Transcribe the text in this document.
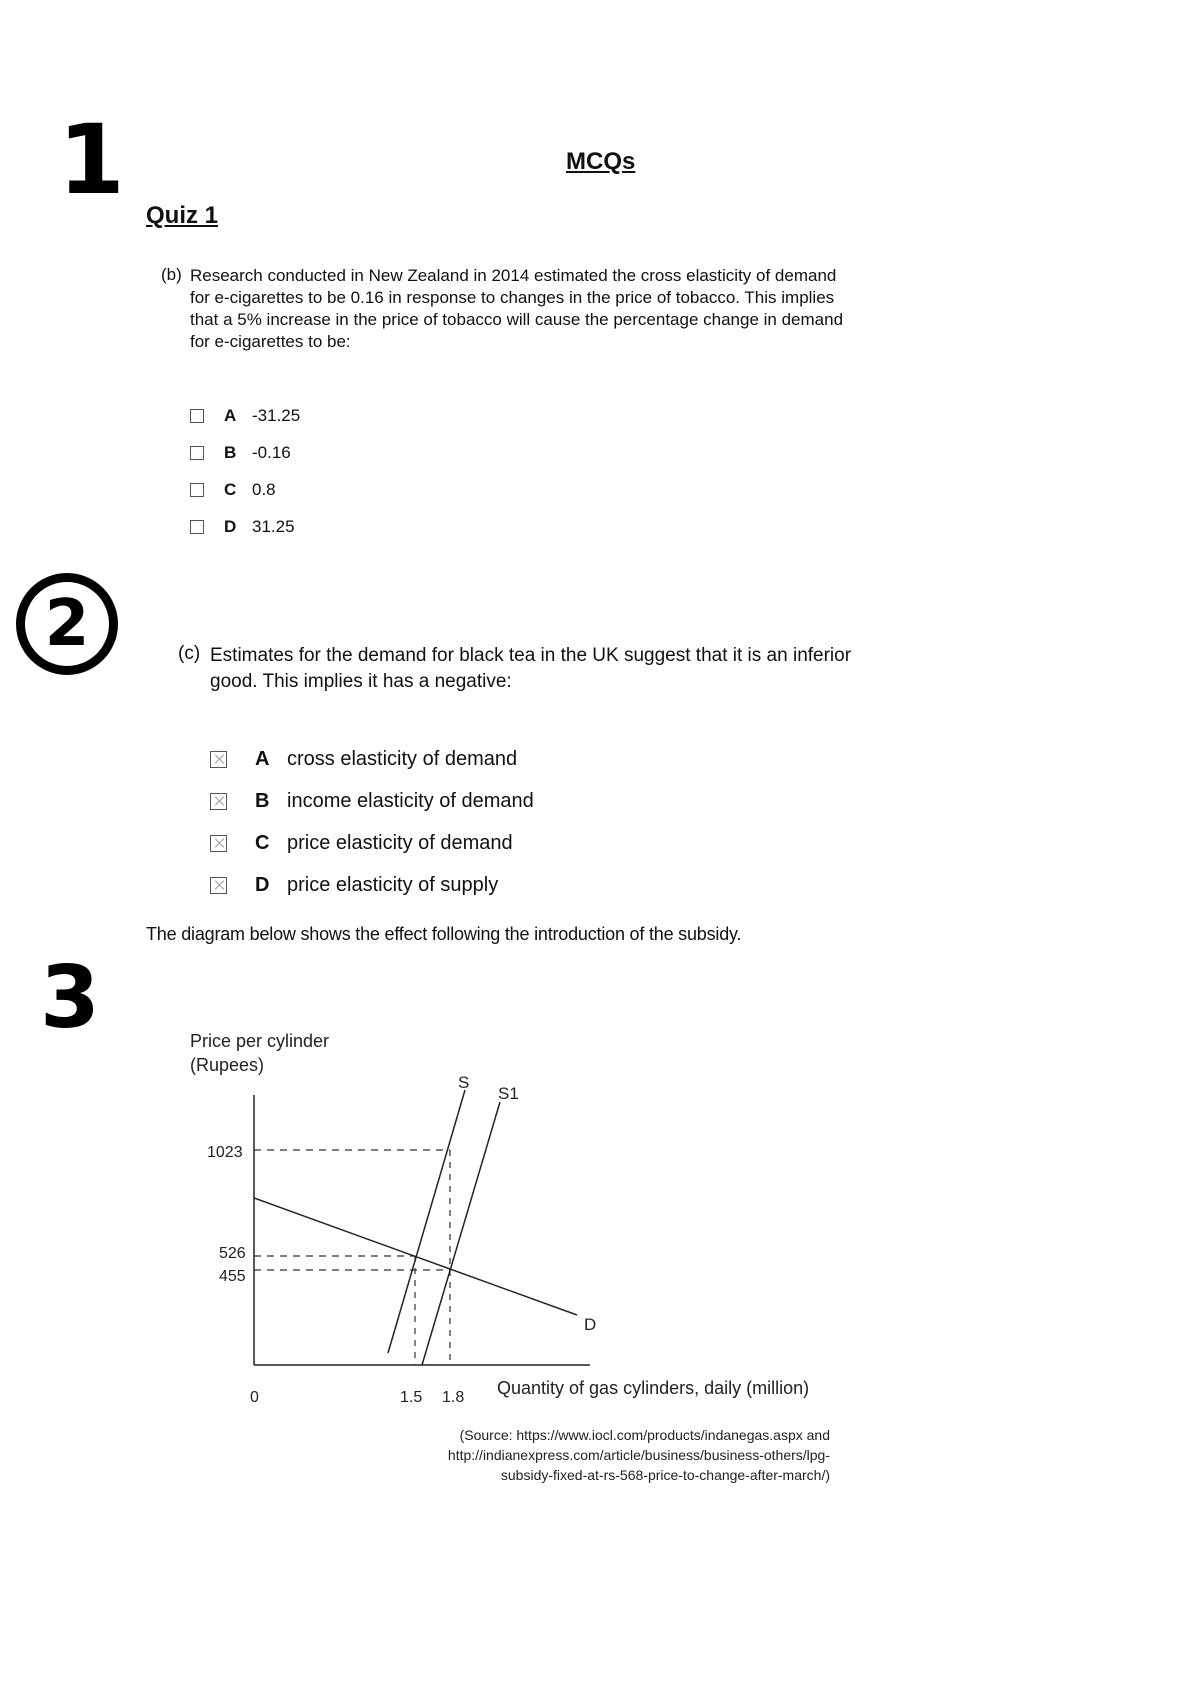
1
2
3
MCQs
Quiz 1
(b) Research conducted in New Zealand in 2014 estimated the cross elasticity of demand for e-cigarettes to be 0.16 in response to changes in the price of tobacco. This implies that a 5% increase in the price of tobacco will cause the percentage change in demand for e-cigarettes to be:
A -31.25
B -0.16
C 0.8
D 31.25
(c) Estimates for the demand for black tea in the UK suggest that it is an inferior good. This implies it has a negative:
A cross elasticity of demand
B income elasticity of demand
C price elasticity of demand
D price elasticity of supply
The diagram below shows the effect following the introduction of the subsidy.
Price per cylinder
(Rupees)
Quantity of gas cylinders, daily (million)
0	1.5 1.8
1023
526
455
D
S
S1
(Source: https://www.iocl.com/products/indanegas.aspx and
http://indianexpress.com/article/business/business-others/lpg-
subsidy-fixed-at-rs-568-price-to-change-after-march/)
